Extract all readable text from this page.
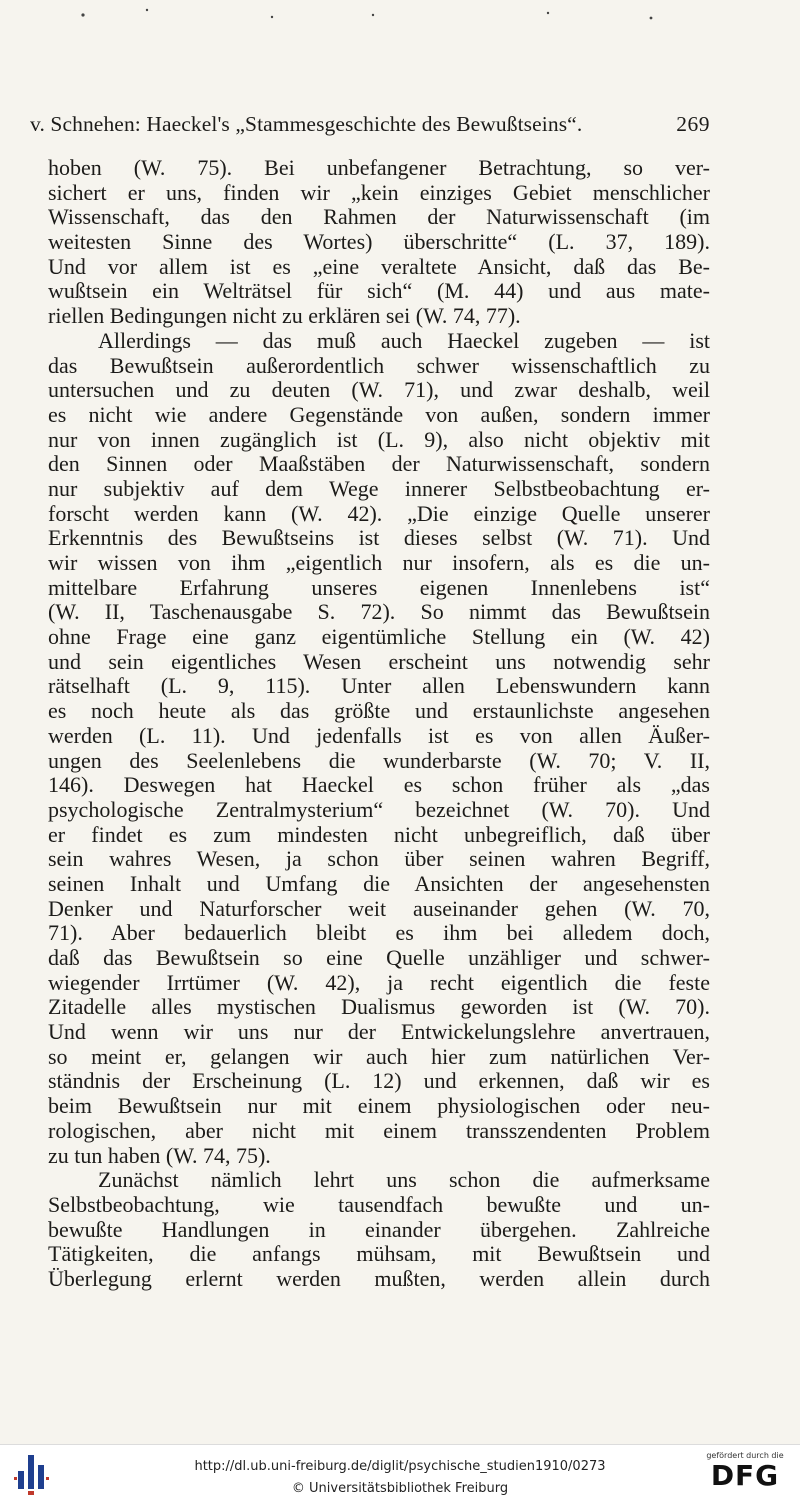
v. Schnehen: Haeckel's „Stammesgeschichte des Bewußtseins“.	269
hoben (W. 75). Bei unbefangener Betrachtung, so ver-
sichert er uns, finden wir „kein einziges Gebiet menschlicher
Wissenschaft, das den Rahmen der Naturwissenschaft (im
weitesten Sinne des Wortes) überschritte“ (L. 37, 189).
Und vor allem ist es „eine veraltete Ansicht, daß das Be-
wußtsein ein Welträtsel für sich“ (M. 44) und aus mate-
riellen Bedingungen nicht zu erklären sei (W. 74, 77).
Allerdings — das muß auch Haeckel zugeben — ist
das Bewußtsein außerordentlich schwer wissenschaftlich zu
untersuchen und zu deuten (W. 71), und zwar deshalb, weil
es nicht wie andere Gegenstände von außen, sondern immer
nur von innen zugänglich ist (L. 9), also nicht objektiv mit
den Sinnen oder Maaßstäben der Naturwissenschaft, sondern
nur subjektiv auf dem Wege innerer Selbstbeobachtung er-
forscht werden kann (W. 42). „Die einzige Quelle unserer
Erkenntnis des Bewußtseins ist dieses selbst (W. 71). Und
wir wissen von ihm „eigentlich nur insofern, als es die un-
mittelbare Erfahrung unseres eigenen Innenlebens ist“
(W. II, Taschenausgabe S. 72). So nimmt das Bewußtsein
ohne Frage eine ganz eigentümliche Stellung ein (W. 42)
und sein eigentliches Wesen erscheint uns notwendig sehr
rätselhaft (L. 9, 115). Unter allen Lebenswundern kann
es noch heute als das größte und erstaunlichste angesehen
werden (L. 11). Und jedenfalls ist es von allen Äußer-
ungen des Seelenlebens die wunderbarste (W. 70; V. II,
146). Deswegen hat Haeckel es schon früher als „das
psychologische Zentralmysterium“ bezeichnet (W. 70). Und
er findet es zum mindesten nicht unbegreiflich, daß über
sein wahres Wesen, ja schon über seinen wahren Begriff,
seinen Inhalt und Umfang die Ansichten der angesehensten
Denker und Naturforscher weit auseinander gehen (W. 70,
71). Aber bedauerlich bleibt es ihm bei alledem doch,
daß das Bewußtsein so eine Quelle unzähliger und schwer-
wiegender Irrtümer (W. 42), ja recht eigentlich die feste
Zitadelle alles mystischen Dualismus geworden ist (W. 70).
Und wenn wir uns nur der Entwickelungslehre anvertrauen,
so meint er, gelangen wir auch hier zum natürlichen Ver-
ständnis der Erscheinung (L. 12) und erkennen, daß wir es
beim Bewußtsein nur mit einem physiologischen oder neu-
rologischen, aber nicht mit einem transszendenten Problem
zu tun haben (W. 74, 75).
Zunächst nämlich lehrt uns schon die aufmerksame
Selbstbeobachtung, wie tausendfach bewußte und un-
bewußte Handlungen in einander übergehen. Zahlreiche
Tätigkeiten, die anfangs mühsam, mit Bewußtsein und
Überlegung erlernt werden mußten, werden allein durch
http://dl.ub.uni-freiburg.de/diglit/psychische_studien1910/0273
© Universitätsbibliothek Freiburg
gefördert durch die
DFG
